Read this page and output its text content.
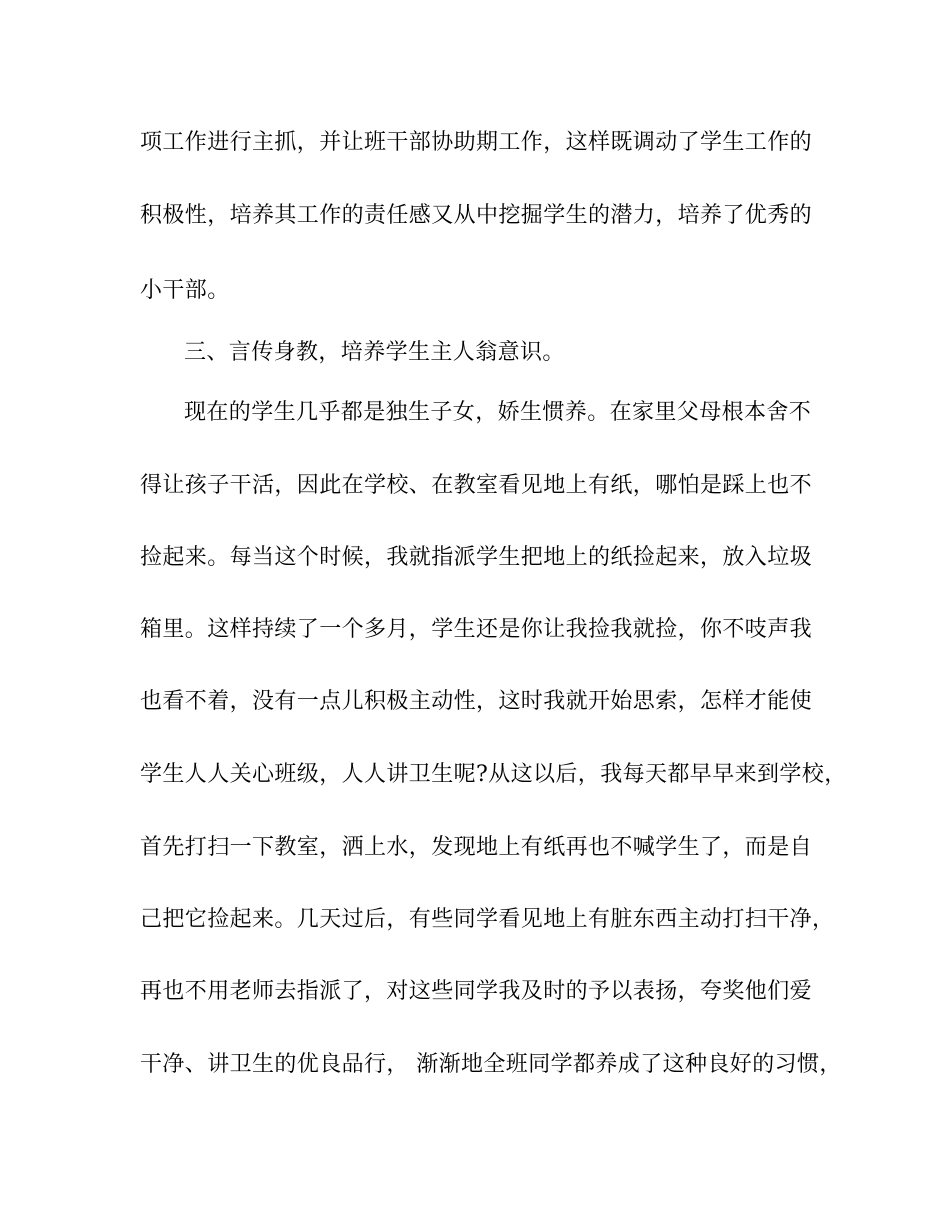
项工作进行主抓，并让班干部协助期工作，这样既调动了学生工作的
积极性，培养其工作的责任感又从中挖掘学生的潜力，培养了优秀的
小干部。
三、言传身教，培养学生主人翁意识。
现在的学生几乎都是独生子女，娇生惯养。在家里父母根本舍不
得让孩子干活，因此在学校、在教室看见地上有纸，哪怕是踩上也不
捡起来。每当这个时候，我就指派学生把地上的纸捡起来，放入垃圾
箱里。这样持续了一个多月，学生还是你让我捡我就捡，你不吱声我
也看不着，没有一点儿积极主动性，这时我就开始思索，怎样才能使
学生人人关心班级，人人讲卫生呢?从这以后，我每天都早早来到学校，
首先打扫一下教室，洒上水，发现地上有纸再也不喊学生了，而是自
己把它捡起来。几天过后，有些同学看见地上有脏东西主动打扫干净，
再也不用老师去指派了，对这些同学我及时的予以表扬，夸奖他们爱
干净、讲卫生的优良品行， 渐渐地全班同学都养成了这种良好的习惯，
